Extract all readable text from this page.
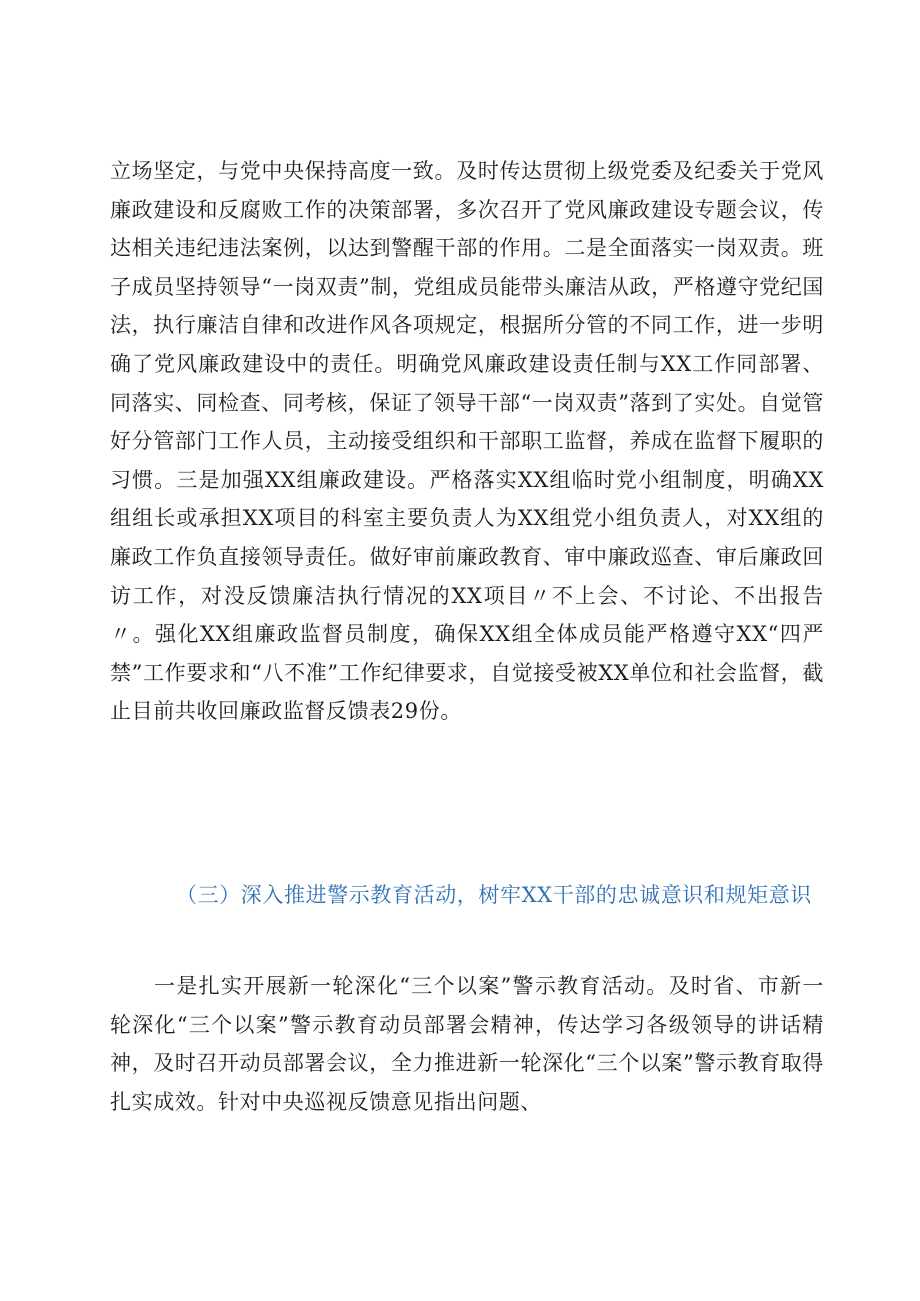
立场坚定，与党中央保持高度一致。及时传达贯彻上级党委及纪委关于党风廉政建设和反腐败工作的决策部署，多次召开了党风廉政建设专题会议，传达相关违纪违法案例，以达到警醒干部的作用。二是全面落实一岗双责。班子成员坚持领导“一岗双责”制，党组成员能带头廉洁从政，严格遵守党纪国法，执行廉洁自律和改进作风各项规定，根据所分管的不同工作，进一步明确了党风廉政建设中的责任。明确党风廉政建设责任制与XX工作同部署、同落实、同检查、同考核，保证了领导干部“一岗双责”落到了实处。自觉管好分管部门工作人员，主动接受组织和干部职工监督，养成在监督下履职的习惯。三是加强XX组廉政建设。严格落实XX组临时党小组制度，明确XX组组长或承担XX项目的科室主要负责人为XX组党小组负责人，对XX组的廉政工作负直接领导责任。做好审前廉政教育、审中廉政巡查、审后廉政回访工作，对没反馈廉洁执行情况的XX项目〃不上会、不讨论、不出报告〃。强化XX组廉政监督员制度，确保XX组全体成员能严格遵守XX“四严禁”工作要求和“八不准”工作纪律要求，自觉接受被XX单位和社会监督，截止目前共收回廉政监督反馈表29份。

（三）深入推进警示教育活动，树牢XX干部的忠诚意识和规矩意识

一是扎实开展新一轮深化“三个以案”警示教育活动。及时省、市新一轮深化“三个以案”警示教育动员部署会精神，传达学习各级领导的讲话精神，及时召开动员部署会议，全力推进新一轮深化“三个以案”警示教育取得扎实成效。针对中央巡视反馈意见指出问题、
